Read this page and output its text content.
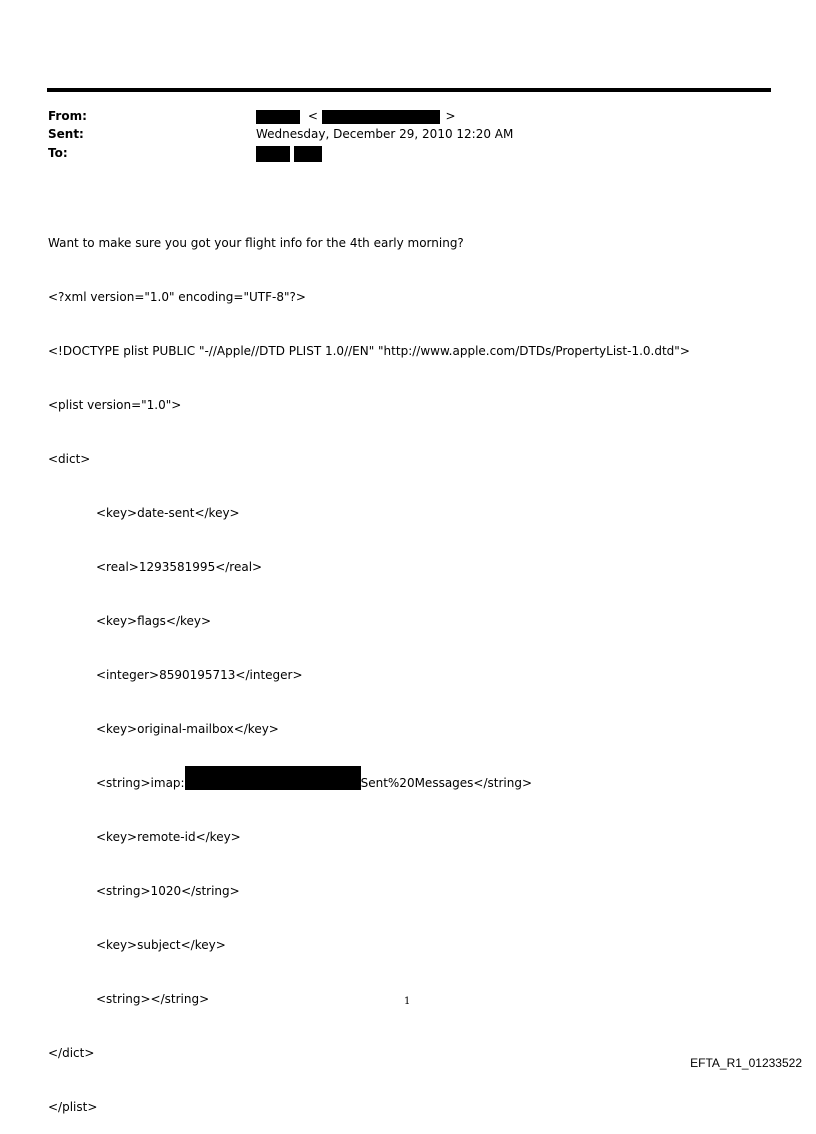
From:	<	>
Sent:	Wednesday, December 29, 2010 12:20 AM
To:

Want to make sure you got your flight info for the 4th early morning?

<?xml version="1.0" encoding="UTF-8"?>

<!DOCTYPE plist PUBLIC "-//Apple//DTD PLIST 1.0//EN" "http://www.apple.com/DTDs/PropertyList-1.0.dtd">

<plist version="1.0">

<dict>

<key>date-sent</key>

<real>1293581995</real>

<key>flags</key>

<integer>8590195713</integer>

<key>original-mailbox</key>

<string>imap:	Sent%20Messages</string>

<key>remote-id</key>

<string>1020</string>

<key>subject</key>

<string></string>

</dict>

</plist>

1
EFTA_R1_01233522
